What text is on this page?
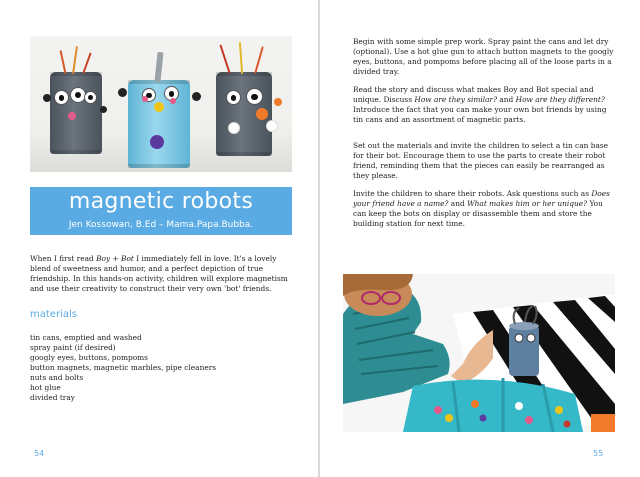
magnetic robots
Jen Kossowan, B.Ed – Mama.Papa.Bubba.
When I first read Boy + Bot I immediately fell in love. It's a lovely blend of sweetness and humor, and a perfect depiction of true friendship. In this hands-on activity, children will explore magnetism and use their creativity to construct their very own 'bot' friends.
materials
tin cans, emptied and washed
spray paint (if desired)
googly eyes, buttons, pompoms
button magnets, magnetic marbles, pipe cleaners
nuts and bolts
hot glue
divided tray
54

Begin with some simple prep work. Spray paint the cans and let dry (optional). Use a hot glue gun to attach button magnets to the googly eyes, buttons, and pompoms before placing all of the loose parts in a divided tray.

Read the story and discuss what makes Boy and Bot special and unique. Discuss How are they similar? and How are they different? Introduce the fact that you can make your own bot friends by using tin cans and an assortment of magnetic parts.

Set out the materials and invite the children to select a tin can base for their bot. Encourage them to use the parts to create their robot friend, reminding them that the pieces can easily be rearranged as they please.

Invite the children to share their robots. Ask questions such as Does your friend have a name? and What makes him or her unique? You can keep the bots on display or disassemble them and store the building station for next time.

55
